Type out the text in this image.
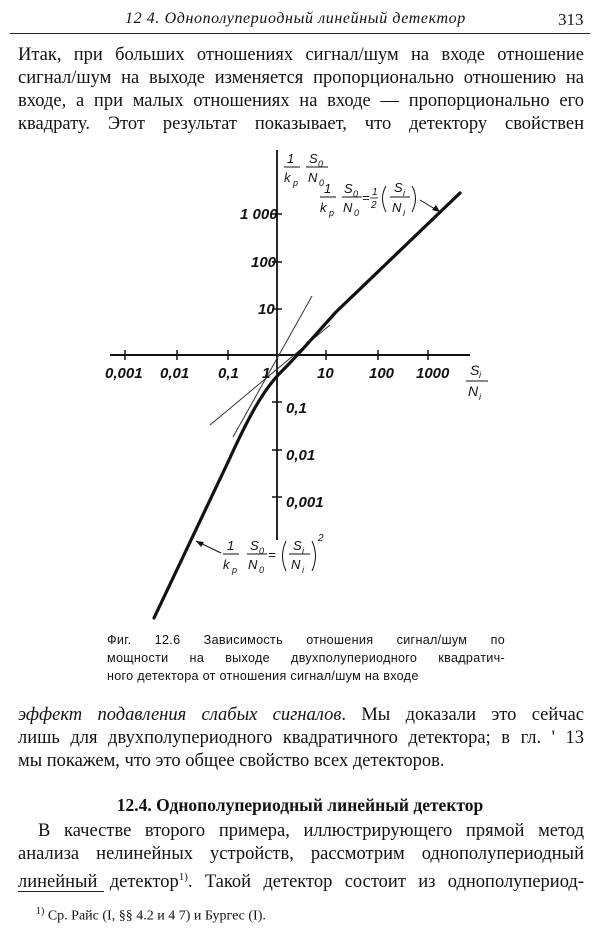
12 4. Однополупериодный линейный детектор	313
Итак, при больших отношениях сигнал/шум на входе отношение
сигнал/шум на выходе изменяется пропорционально отношению на
входе, а при малых отношениях на входе — пропорционально его
квадрату. Этот результат показывает, что детектору свойствен
0,001 0,01 0,1 1	10 100 1000
1 000
100
10
0,1
0,01
0,001
1
k p
S 0
N 0
S i
N i
1
k p
S 0
N 0
= 1
2
S i
N i
1
k p
S 0
N 0
=
S i
N i
2
Фиг. 12.6 Зависимость отношения сигнал/шум по
мощности на выходе двухполупериодного квадратич-
ного детектора от отношения сигнал/шум на входе
эффект подавления слабых сигналов. Мы доказали это сейчас
лишь для двухполупериодного квадратичного детектора; в гл. ' 13
мы покажем, что это общее свойство всех детекторов.
12.4. Однополупериодный линейный детектор
В качестве второго примера, иллюстрирующего прямой метод
анализа нелинейных устройств, рассмотрим однополупериодный
линейный детектор$^{1)}$. Такой детектор состоит из однополупериод-
$^{1)}$ Ср. Райс (I, §§ 4.2 и 4 7) и Бургес (I).
